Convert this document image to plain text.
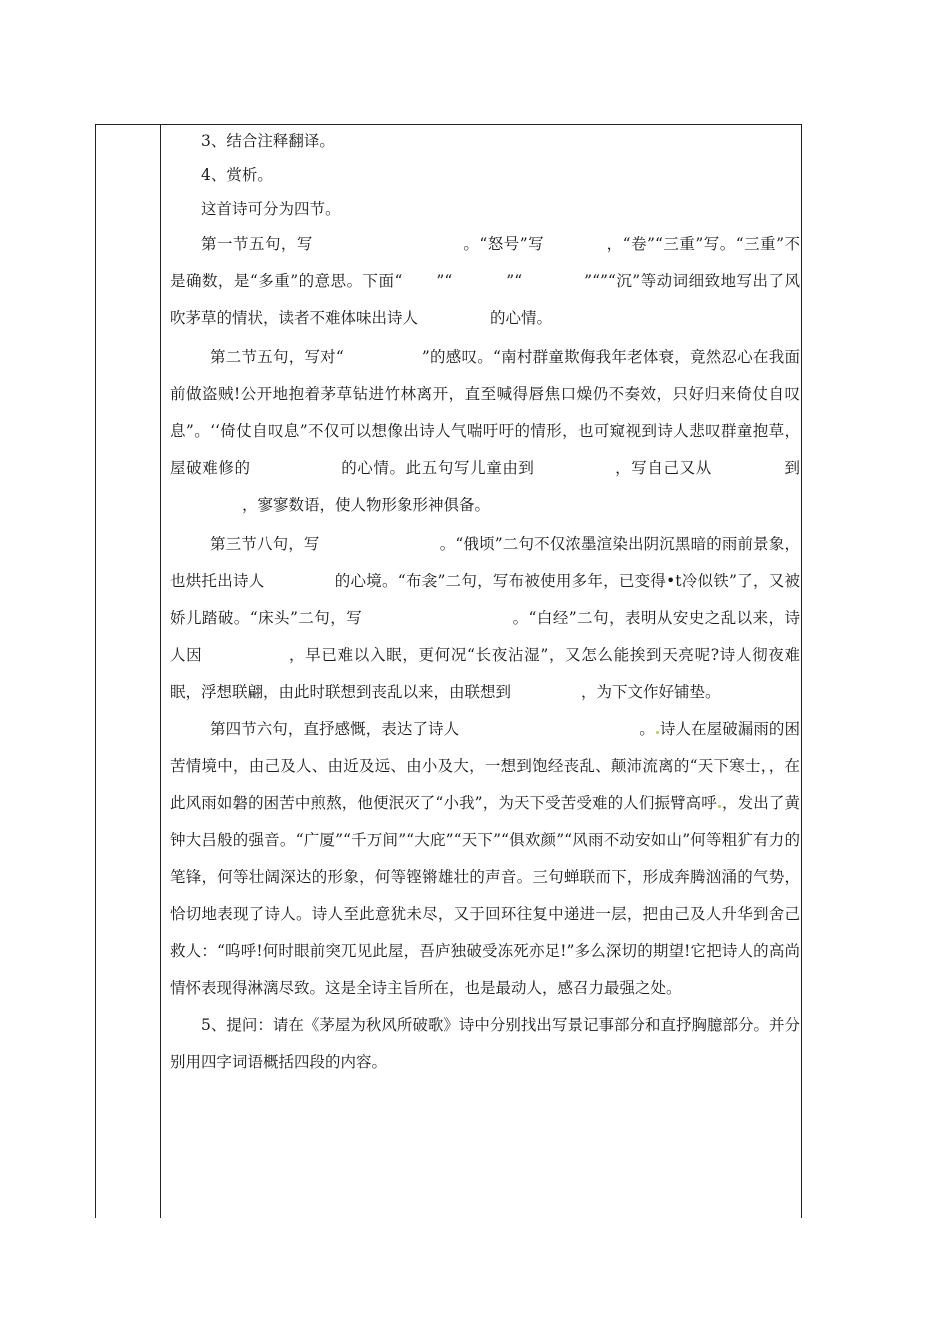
3、结合注释翻译。

4、赏析。

这首诗可分为四节。

第一节五句，写	。“怒号”写	，“卷”“三重”写。“三重”不是确数，是“多重”的意思。下面“ ”“	”“	”“”“沉”等动词细致地写出了风吹茅草的情状，读者不难体味出诗人	的心情。

第二节五句，写对“	”的感叹。“南村群童欺侮我年老体衰，竟然忍心在我面前做盗贼!公开地抱着茅草钻进竹林离开，直至喊得唇焦口燥仍不奏效，只好归来倚仗自叹息”。‘‘倚仗自叹息”不仅可以想像出诗人气喘吁吁的情形，也可窥视到诗人悲叹群童抱草，屋破难修的	的心情。此五句写儿童由到	，写自己又从	到，寥寥数语，使人物形象形神俱备。

第三节八句，写	。“俄顷”二句不仅浓墨渲染出阴沉黑暗的雨前景象，也烘托出诗人	的心境。“布衾”二句，写布被使用多年，已变得•t冷似铁”了，又被娇儿踏破。“床头”二句，写	。“白经”二句，表明从安史之乱以来，诗人因	，早已难以入眠，更何况“长夜沾湿”，又怎么能挨到天亮呢?诗人彻夜难眠，浮想联翩，由此时联想到丧乱以来，由联想到	，为下文作好铺垫。

第四节六句，直抒感慨，表达了诗人	。 诗人在屋破漏雨的困苦情境中，由己及人、由近及远、由小及大，一想到饱经丧乱、颠沛流离的“天下寒士，，在此风雨如磐的困苦中煎熬，他便泯灭了“小我”，为天下受苦受难的人们振臂高呼 ，发出了黄钟大吕般的强音。“广厦”“千万间”“大庇”“天下”“俱欢颜”“风雨不动安如山”何等粗犷有力的笔锋，何等壮阔深达的形象，何等铿锵雄壮的声音。三句蝉联而下，形成奔腾汹涌的气势，恰切地表现了诗人。诗人至此意犹未尽，又于回环往复中递进一层，把由己及人升华到舍己救人：“呜呼!何时眼前突兀见此屋，吾庐独破受冻死亦足!”多么深切的期望!它把诗人的高尚情怀表现得淋漓尽致。这是全诗主旨所在，也是最动人，感召力最强之处。

5、提问：请在《茅屋为秋风所破歌》诗中分别找出写景记事部分和直抒胸臆部分。并分别用四字词语概括四段的内容。
